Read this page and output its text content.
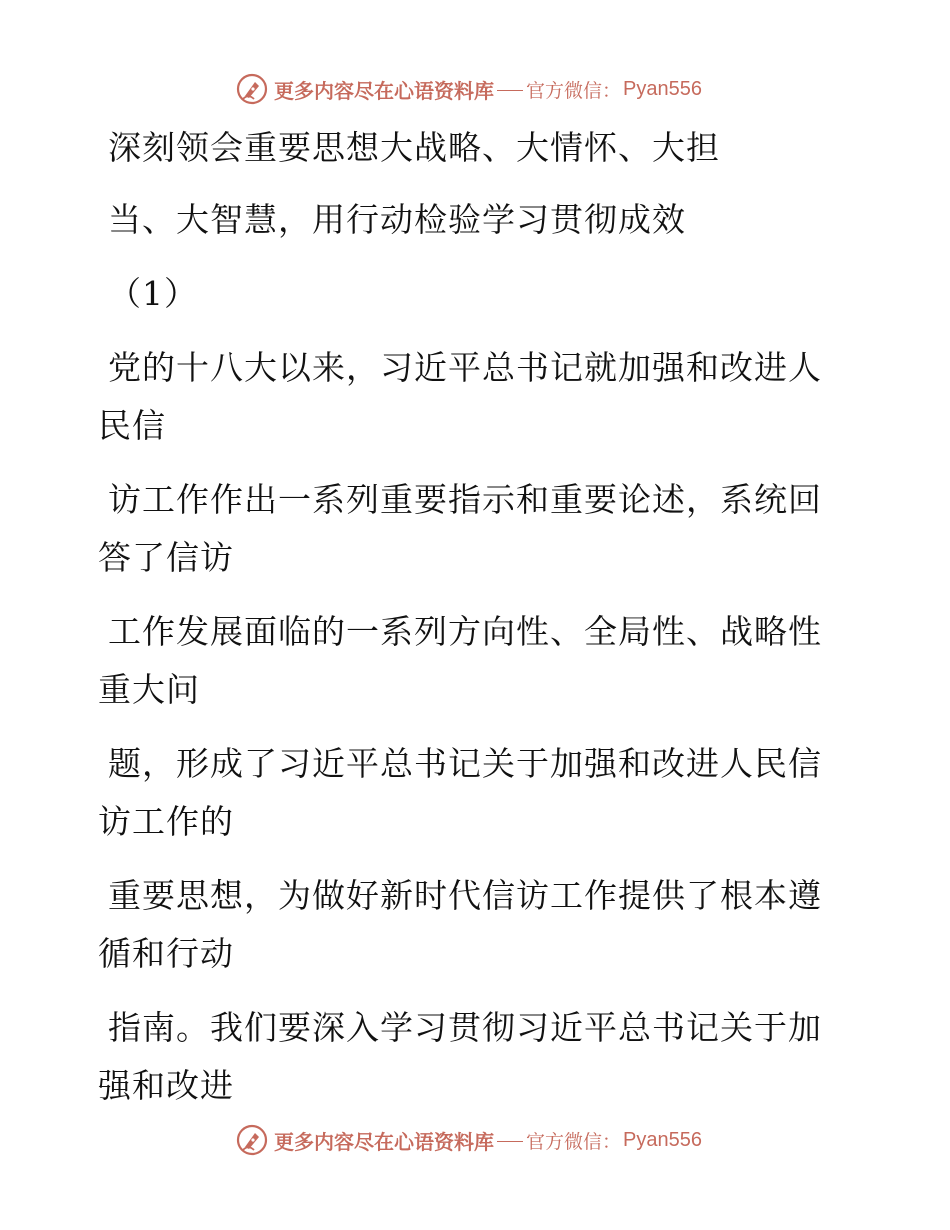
更多内容尽在心语资料库 官方微信： Pyan556
深刻领会重要思想大战略、大情怀、大担
当、大智慧，用行动检验学习贯彻成效
（1）
党的十八大以来，习近平总书记就加强和改进人
民信
访工作作出一系列重要指示和重要论述，系统回
答了信访
工作发展面临的一系列方向性、全局性、战略性
重大问
题，形成了习近平总书记关于加强和改进人民信
访工作的
重要思想，为做好新时代信访工作提供了根本遵
循和行动
指南。我们要深入学习贯彻习近平总书记关于加
强和改进
更多内容尽在心语资料库 官方微信： Pyan556
